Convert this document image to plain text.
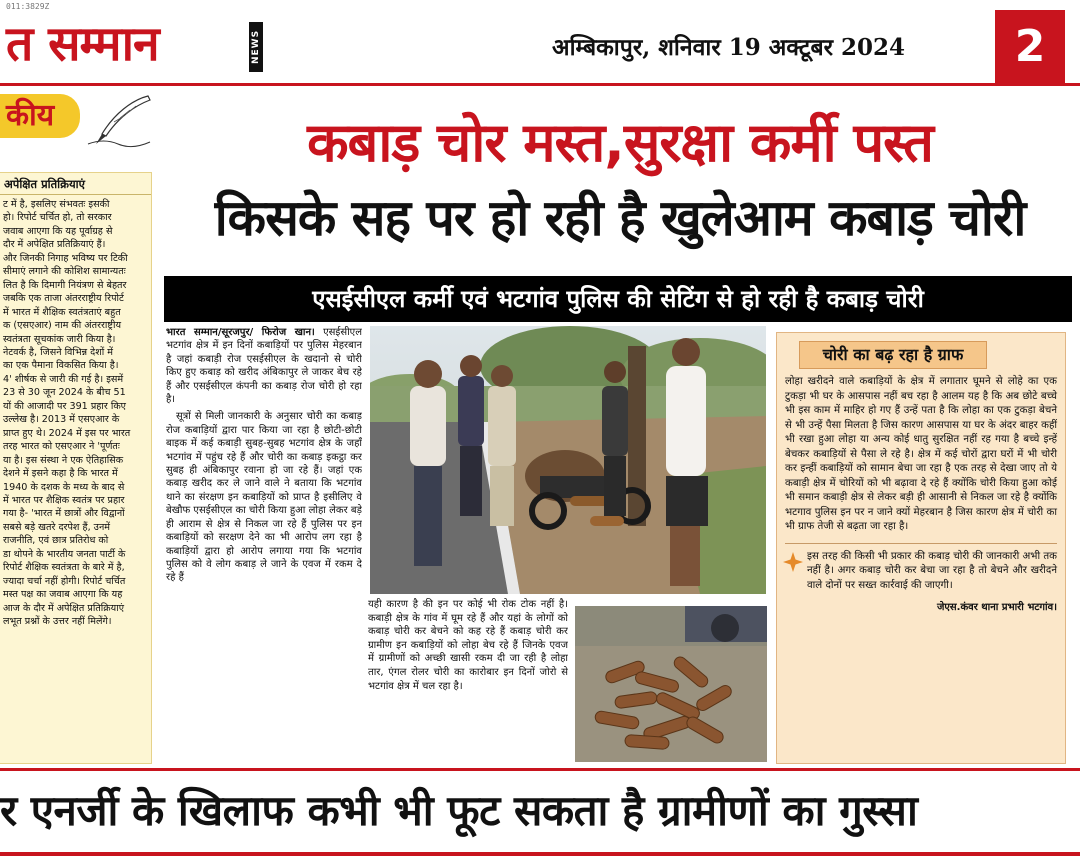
011:3829Z
त सम्मान	NEWS	अम्बिकापुर, शनिवार 19 अक्टूबर 2024	2
कीय
अपेक्षित प्रतिक्रियाएं
ट में है, इसलिए संभवतः इसकी
हो। रिपोर्ट चर्चित हो, तो सरकार
जवाब आएगा कि यह पूर्वाग्रह से
दौर में अपेक्षित प्रतिक्रियाएं हैं।
और जिनकी निगाह भविष्य पर टिकी
सीमाएं लगाने की कोशिश सामान्यतः
लित है कि दिमागी नियंत्रण से बेहतर
जबकि एक ताजा अंतरराष्ट्रीय रिपोर्ट
में भारत में शैक्षिक स्वतंत्रताएं बहुत
क (एसएआर) नाम की अंतरराष्ट्रीय
स्वतंत्रता सूचकांक जारी किया है।
नेटवर्क है, जिसने विभिन्न देशों में
का एक पैमाना विकसित किया है।
4' शीर्षक से जारी की गई है। इसमें
23 से 30 जून 2024 के बीच 51
यों की आजादी पर 391 प्रहार किए
उल्लेख है। 2013 में एसएआर के
प्राप्त हुए थे। 2024 में इस पर भारत
तरह भारत को एसएआर ने 'पूर्णतः
या है। इस संस्था ने एक ऐतिहासिक
देशने में इसने कहा है कि भारत में
1940 के दशक के मध्य के बाद से
में भारत पर शैक्षिक स्वतंत्र पर प्रहार
गया है- 'भारत में छात्रों और विद्वानों
सबसे बड़े खतरे दरपेश हैं, उनमें
राजनीति, एवं छात्र प्रतिरोध को
डा थोपने के भारतीय जनता पार्टी के
रिपोर्ट शैक्षिक स्वतंत्रता के बारे में है,
ज्यादा चर्चा नहीं होगी। रिपोर्ट चर्चित
मस्त पक्ष का जवाब आएगा कि यह
आज के दौर में अपेक्षित प्रतिक्रियाएं
लभूत प्रश्नों के उत्तर नहीं मिलेंगे।
कबाड़ चोर मस्त,सुरक्षा कर्मी पस्त
किसके सह पर हो रही है खुलेआम कबाड़ चोरी
एसईसीएल कर्मी एवं भटगांव पुलिस की सेटिंग से हो रही है कबाड़ चोरी

भारत सम्मान/सूरजपुर/ फिरोज खान। एसईसीएल भटगांव क्षेत्र में इन दिनों कबाड़ियों पर पुलिस मेहरबान है जहां कबाड़ी रोज एसईसीएल के खदानो से चोरी किए हुए कबाड़ को खरीद अंबिकापुर ले जाकर बेच रहे हैं और एसईसीएल कंपनी का कबाड़ रोज चोरी हो रहा है।

सूत्रों से मिली जानकारी के अनुसार चोरी का कबाड़ रोज कबाड़ियों द्वारा पार किया जा रहा है छोटी-छोटी बाइक में कई कबाड़ी सुबह-सुबह भटगांव क्षेत्र के जहाँ भटगांव में पहुंच रहे हैं और चोरी का कबाड़ इकट्ठा कर सुबह ही अंबिकापुर रवाना हो जा रहे हैं। जहां एक कबाड़ खरीद कर ले जाने वाले ने बताया कि भटगांव थाने का संरक्षण इन कबाड़ियों को प्राप्त है इसीलिए वे बेखौफ एसईसीएल का चोरी किया हुआ लोहा लेकर बड़े ही आराम से क्षेत्र से निकल जा रहे हैं पुलिस पर इन कबाड़ियों को सरक्षण देने का भी आरोप लग रहा है कबाड़ियों द्वारा हो आरोप लगाया गया कि भटगांव पुलिस को वे लोग कबाड़ ले जाने के एवज में रकम दे रहे हैं

यही कारण है की इन पर कोई भी रोक टोक नहीं है। कबाड़ी क्षेत्र के गांव में घूम रहे हैं और यहां के लोगों को कबाड़ चोरी कर बेचने को कह रहे हैं कबाड़ चोरी कर ग्रामीण इन कबाड़ियों को लोहा बेच रहे हैं जिनके एवज में ग्रामीणों को अच्छी खासी रकम दी जा रही है लोहा तार, एंगल रोलर चोरी का कारोबार इन दिनों जोरो से भटगांव क्षेत्र में चल रहा है।
चोरी का बढ़ रहा है ग्राफ
लोहा खरीदने वाले कबाड़ियों के क्षेत्र में लगातार घूमने से लोहे का एक टुकड़ा भी घर के आसपास नहीं बच रहा है आलम यह है कि अब छोटे बच्चे भी इस काम में माहिर हो गए हैं उन्हें पता है कि लोहा का एक टुकड़ा बेचने से भी उन्हें पैसा मिलता है जिस कारण आसपास या घर के अंदर बाहर कहीं भी रखा हुआ लोहा या अन्य कोई धातु सुरक्षित नहीं रह गया है बच्चे इन्हें बेचकर कबाड़ियों से पैसा ले रहे है। क्षेत्र में कई चोरों द्वारा घरों में भी चोरी कर इन्हीं कबाड़ियों को सामान बेचा जा रहा है एक तरह से देखा जाए तो ये कबाड़ी क्षेत्र में चोरियों को भी बढ़ावा दे रहे हैं क्योंकि चोरी किया हुआ कोई भी समान कबाड़ी क्षेत्र से लेकर बड़ी ही आसानी से निकल जा रहे है क्योंकि भटगाव पुलिस इन पर न जाने क्यों मेहरबान है जिस कारण क्षेत्र में चोरी का भी ग्राफ तेजी से बढ़ता जा रहा है।
इस तरह की किसी भी प्रकार की कबाड़ चोरी की जानकारी अभी तक नहीं है। अगर कबाड़ चोरी कर बेचा जा रहा है तो बेचने और खरीदने वाले दोनों पर सख्त कार्रवाई की जाएगी।
जेएस.कंवर थाना प्रभारी भटगांव।
र एनर्जी के खिलाफ कभी भी फूट सकता है ग्रामीणों का गुस्सा
